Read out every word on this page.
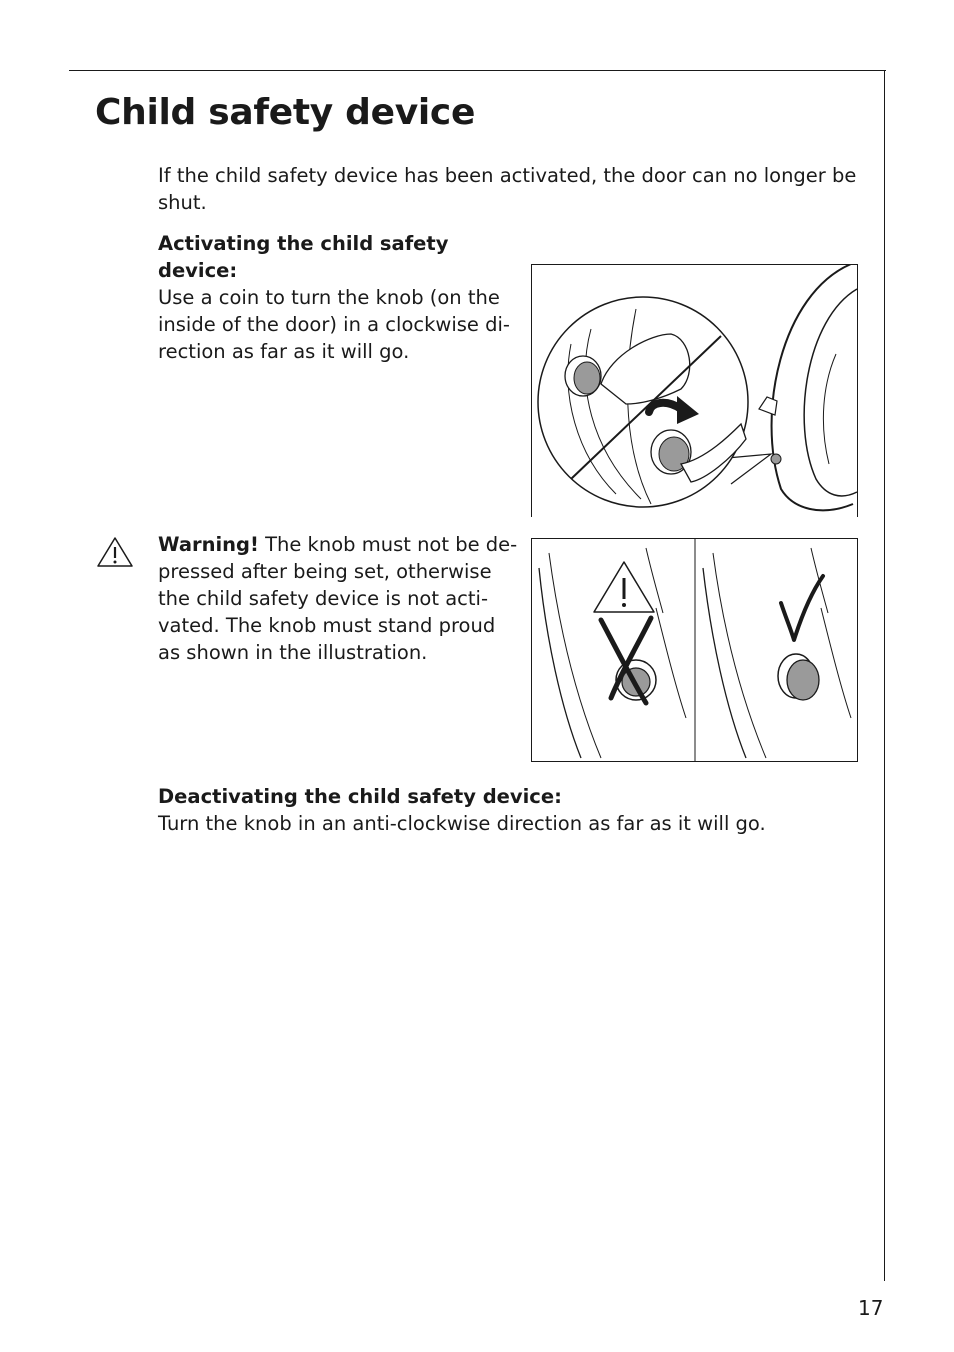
Child safety device

If the child safety device has been activated, the door can no longer be shut.

Activating the child safety device:
Use a coin to turn the knob (on the inside of the door) in a clockwise di-rection as far as it will go.

Warning! The knob must not be de-pressed after being set, otherwise the child safety device is not acti-vated. The knob must stand proud as shown in the illustration.

Deactivating the child safety device:
Turn the knob in an anti-clockwise direction as far as it will go.

17
